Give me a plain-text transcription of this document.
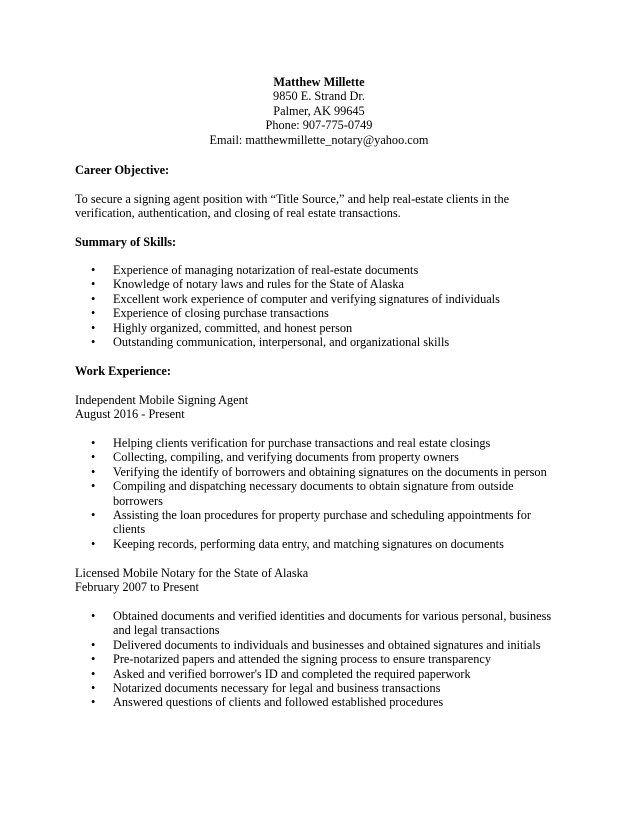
Matthew Millette
9850 E. Strand Dr.
Palmer, AK 99645
Phone: 907-775-0749
Email: matthewmillette_notary@yahoo.com
Career Objective:

To secure a signing agent position with “Title Source,” and help real-estate clients in the verification, authentication, and closing of real estate transactions.

Summary of Skills:
• Experience of managing notarization of real-estate documents
• Knowledge of notary laws and rules for the State of Alaska
• Excellent work experience of computer and verifying signatures of individuals
• Experience of closing purchase transactions
• Highly organized, committed, and honest person
• Outstanding communication, interpersonal, and organizational skills
Work Experience:
Independent Mobile Signing Agent
August 2016 - Present
• Helping clients verification for purchase transactions and real estate closings
• Collecting, compiling, and verifying documents from property owners
• Verifying the identify of borrowers and obtaining signatures on the documents in person
• Compiling and dispatching necessary documents to obtain signature from outside borrowers
• Assisting the loan procedures for property purchase and scheduling appointments for clients
• Keeping records, performing data entry, and matching signatures on documents
Licensed Mobile Notary for the State of Alaska
February 2007 to Present
• Obtained documents and verified identities and documents for various personal, business and legal transactions
• Delivered documents to individuals and businesses and obtained signatures and initials
• Pre-notarized papers and attended the signing process to ensure transparency
• Asked and verified borrower's ID and completed the required paperwork
• Notarized documents necessary for legal and business transactions
• Answered questions of clients and followed established procedures
